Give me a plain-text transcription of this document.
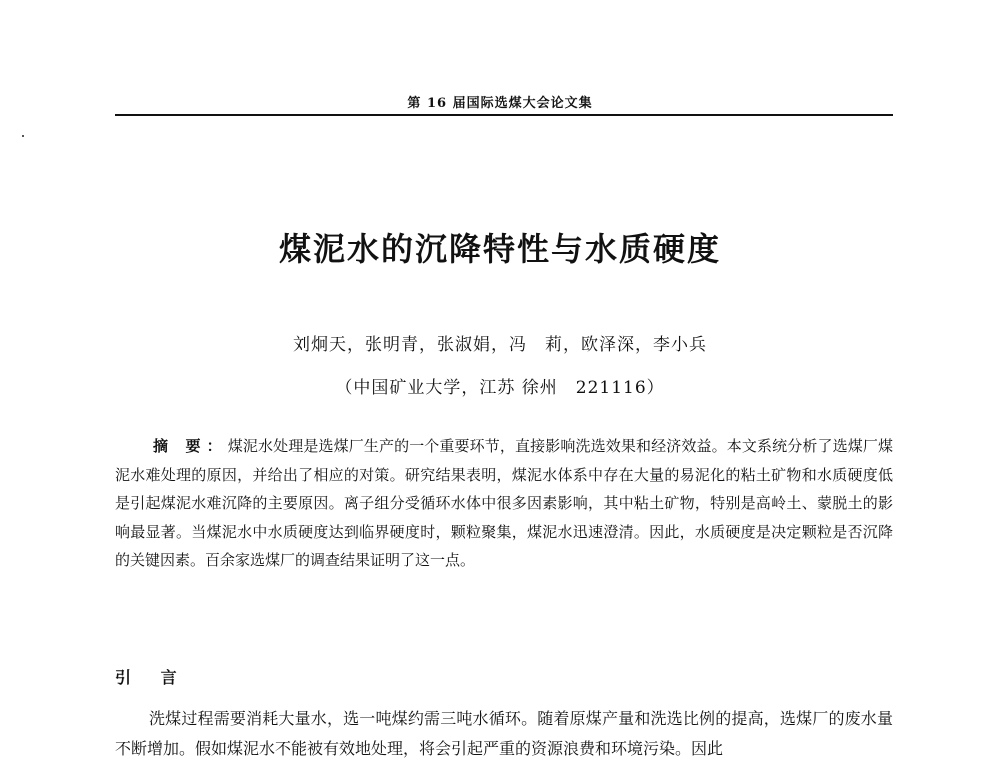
第 16 届国际选煤大会论文集
煤泥水的沉降特性与水质硬度
刘炯天，张明青，张淑娟，冯　莉，欧泽深，李小兵
（中国矿业大学，江苏 徐州　221116）
摘 要：煤泥水处理是选煤厂生产的一个重要环节，直接影响洗选效果和经济效益。本文系统分析了选煤厂煤泥水难处理的原因，并给出了相应的对策。研究结果表明，煤泥水体系中存在大量的易泥化的粘土矿物和水质硬度低是引起煤泥水难沉降的主要原因。离子组分受循环水体中很多因素影响，其中粘土矿物，特别是高岭土、蒙脱土的影响最显著。当煤泥水中水质硬度达到临界硬度时，颗粒聚集，煤泥水迅速澄清。因此，水质硬度是决定颗粒是否沉降的关键因素。百余家选煤厂的调查结果证明了这一点。
引 言
洗煤过程需要消耗大量水，选一吨煤约需三吨水循环。随着原煤产量和洗选比例的提高，选煤厂的废水量不断增加。假如煤泥水不能被有效地处理，将会引起严重的资源浪费和环境污染。因此
